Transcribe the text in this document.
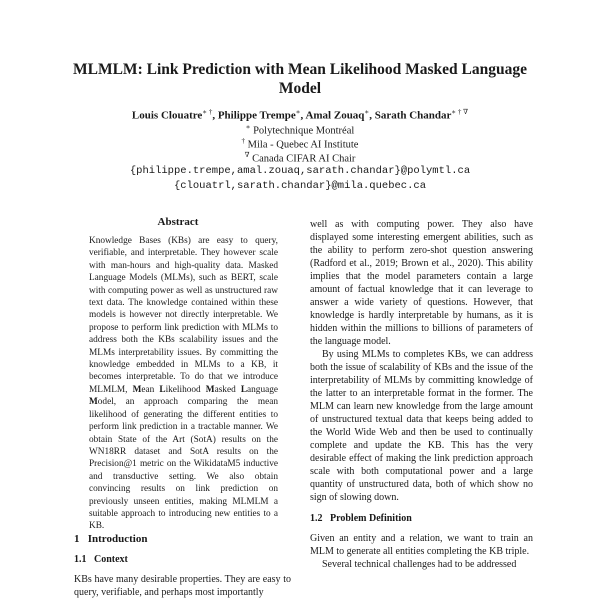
MLMLM: Link Prediction with Mean Likelihood Masked Language Model
Louis Clouatre∗ †, Philippe Trempe∗, Amal Zouaq∗, Sarath Chandar∗ † ∇
∗ Polytechnique Montréal
† Mila - Quebec AI Institute
∇ Canada CIFAR AI Chair
{philippe.trempe,amal.zouaq,sarath.chandar}@polymtl.ca
{clouatrl,sarath.chandar}@mila.quebec.ca
Abstract

Knowledge Bases (KBs) are easy to query, verifiable, and interpretable. They however scale with man-hours and high-quality data. Masked Language Models (MLMs), such as BERT, scale with computing power as well as unstructured raw text data. The knowledge contained within these models is however not directly interpretable. We propose to perform link prediction with MLMs to address both the KBs scalability issues and the MLMs interpretability issues. By committing the knowledge embedded in MLMs to a KB, it becomes interpretable. To do that we introduce MLMLM, Mean Likelihood Masked Language Model, an approach comparing the mean likelihood of generating the different entities to perform link prediction in a tractable manner. We obtain State of the Art (SotA) results on the WN18RR dataset and SotA results on the Precision@1 metric on the WikidataM5 inductive and transductive setting. We also obtain convincing results on link prediction on previously unseen entities, making MLMLM a suitable approach to introducing new entities to a KB.

1 Introduction
1.1 Context

KBs have many desirable properties. They are easy to query, verifiable, and perhaps most importantly

well as with computing power. They also have displayed some interesting emergent abilities, such as the ability to perform zero-shot question answering (Radford et al., 2019; Brown et al., 2020). This ability implies that the model parameters contain a large amount of factual knowledge that it can leverage to answer a wide variety of questions. However, that knowledge is hardly interpretable by humans, as it is hidden within the millions to billions of parameters of the language model.

By using MLMs to completes KBs, we can address both the issue of scalability of KBs and the issue of the interpretability of MLMs by committing knowledge of the latter to an interpretable format in the former. The MLM can learn new knowledge from the large amount of unstructured textual data that keeps being added to the World Wide Web and then be used to continually complete and update the KB. This has the very desirable effect of making the link prediction approach scale with both computational power and a large quantity of unstructured data, both of which show no sign of slowing down.

1.2 Problem Definition

Given an entity and a relation, we want to train an MLM to generate all entities completing the KB triple.

Several technical challenges had to be addressed
